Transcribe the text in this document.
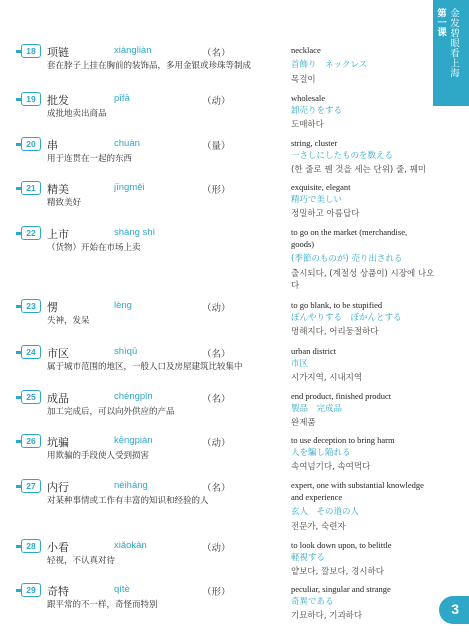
第一课 金发碧眼看上海
18	项链	xiàngliàn	（名）
套在脖子上挂在胸前的装饰品，多用金银或珍珠等制成
necklace
首飾り　ネックレス
목걸이
19	批发	pīfā	（动）
成批地卖出商品
wholesale
卸売りをする
도매하다
20	串	chuàn	（量）
用于连贯在一起的东西
string, cluster
一さしにしたものを数える
(한 줄로 꿴 것을 세는 단위) 줄, 꿰미
21	精美	jīngměi	（形）
精致美好
exquisite, elegant
精巧で美しい
정밀하고 아름답다
22	上市	shàng shì
（货物）开始在市场上卖
to go on the market (merchandise, goods)
(季節のものが) 売り出される
출시되다, (계절성 상품이) 시장에 나오다
23	愣	lèng	（动）
失神，发呆
to go blank, to be stupified
ぼんやりする　ぼかんとする
멍해지다, 어리둥절하다
24	市区	shìqū	（名）
属于城市范围的地区，一般人口及房屋建筑比较集中
urban district
市区
시가지역, 시내지역
25	成品	chéngpǐn	（名）
加工完成后，可以向外供应的产品
end product, finished product
製品　完成品
완제품
26	坑骗	kēngpiàn	（动）
用欺骗的手段使人受到损害
to use deception to bring harm
人を騙し陥れる
속여넘기다, 속여먹다
27	内行	nèiháng	（名）
对某种事情或工作有丰富的知识和经验的人
expert, one with substantial knowledge and experience
玄人　その道の人
전문가, 숙련자
28	小看	xiǎokàn	（动）
轻视，不认真对待
to look down upon, to belittle
軽視する
얕보다, 깔보다, 경시하다
29	奇特	qítè	（形）
跟平常的不一样，奇怪而特别
peculiar, singular and strange
奇異である
기묘하다, 기괴하다	3
